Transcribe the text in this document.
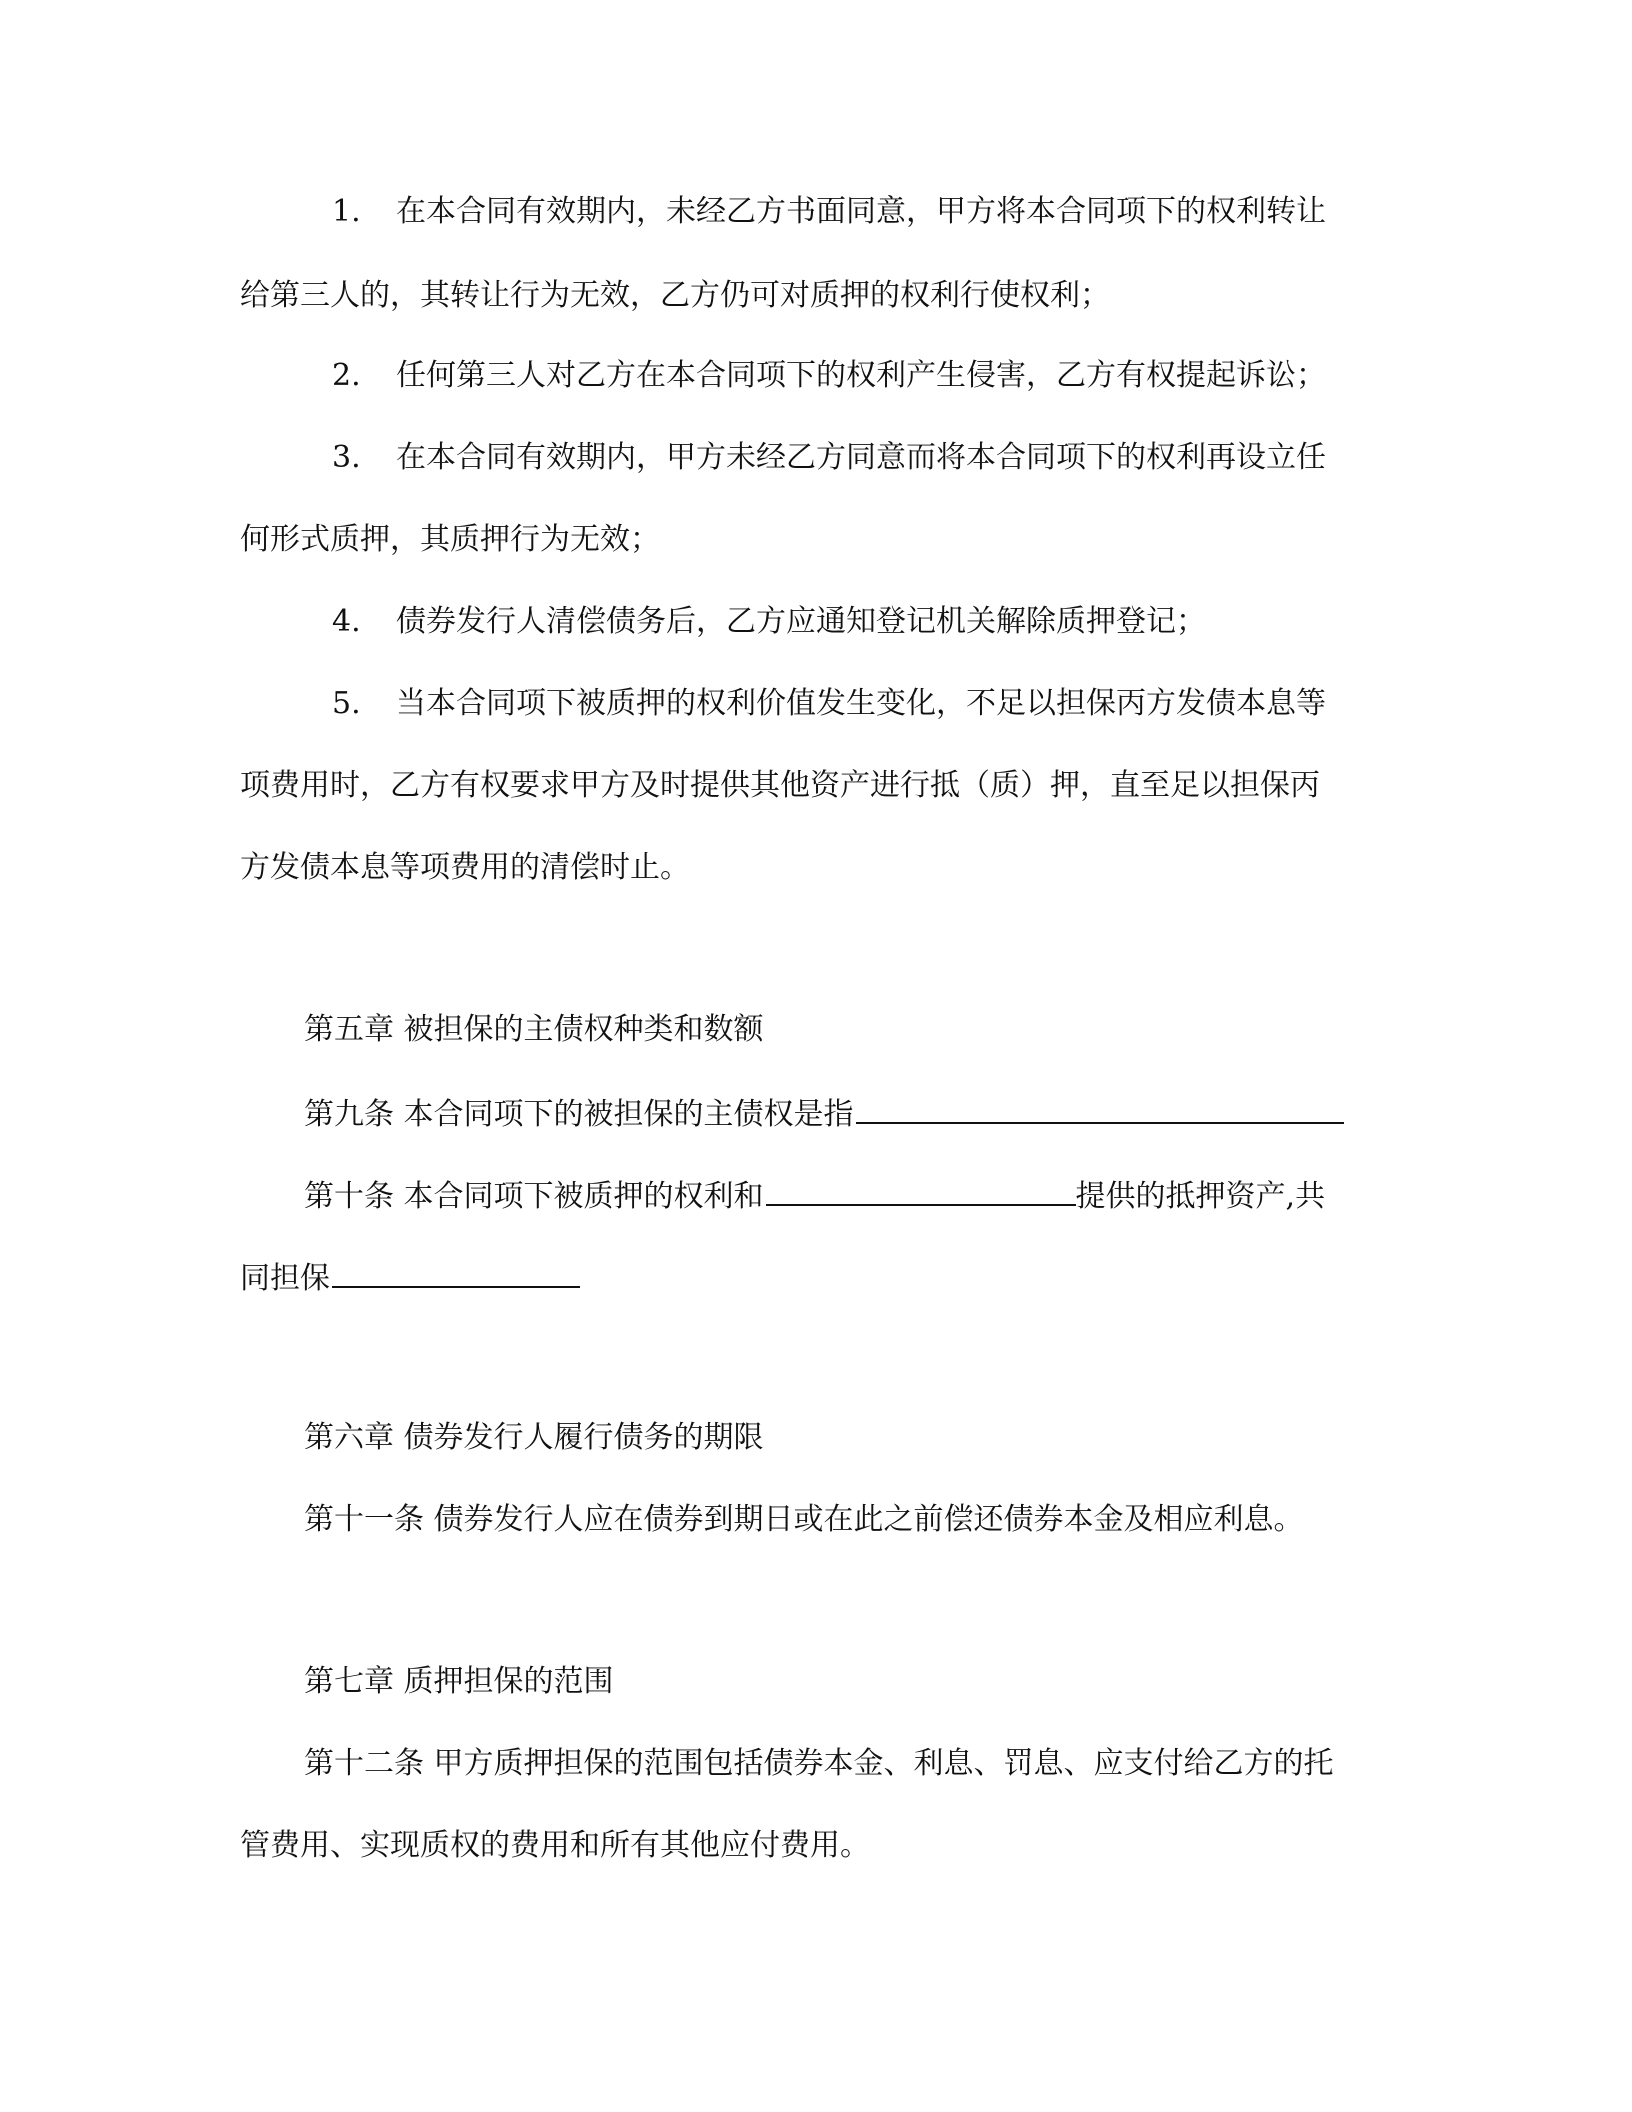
1. 在本合同有效期内，未经乙方书面同意，甲方将本合同项下的权利转让
给第三人的，其转让行为无效，乙方仍可对质押的权利行使权利；
2. 任何第三人对乙方在本合同项下的权利产生侵害，乙方有权提起诉讼；
3. 在本合同有效期内，甲方未经乙方同意而将本合同项下的权利再设立任
何形式质押，其质押行为无效；
4. 债券发行人清偿债务后，乙方应通知登记机关解除质押登记；
5. 当本合同项下被质押的权利价值发生变化，不足以担保丙方发债本息等
项费用时，乙方有权要求甲方及时提供其他资产进行抵（质）押，直至足以担保丙
方发债本息等项费用的清偿时止。
第五章 被担保的主债权种类和数额
第九条 本合同项下的被担保的主债权是指
第十条 本合同项下被质押的权利和	提供的抵押资产,共
同担保
第六章 债券发行人履行债务的期限
第十一条 债券发行人应在债券到期日或在此之前偿还债券本金及相应利息。
第七章 质押担保的范围
第十二条 甲方质押担保的范围包括债券本金、利息、罚息、应支付给乙方的托
管费用、实现质权的费用和所有其他应付费用。
